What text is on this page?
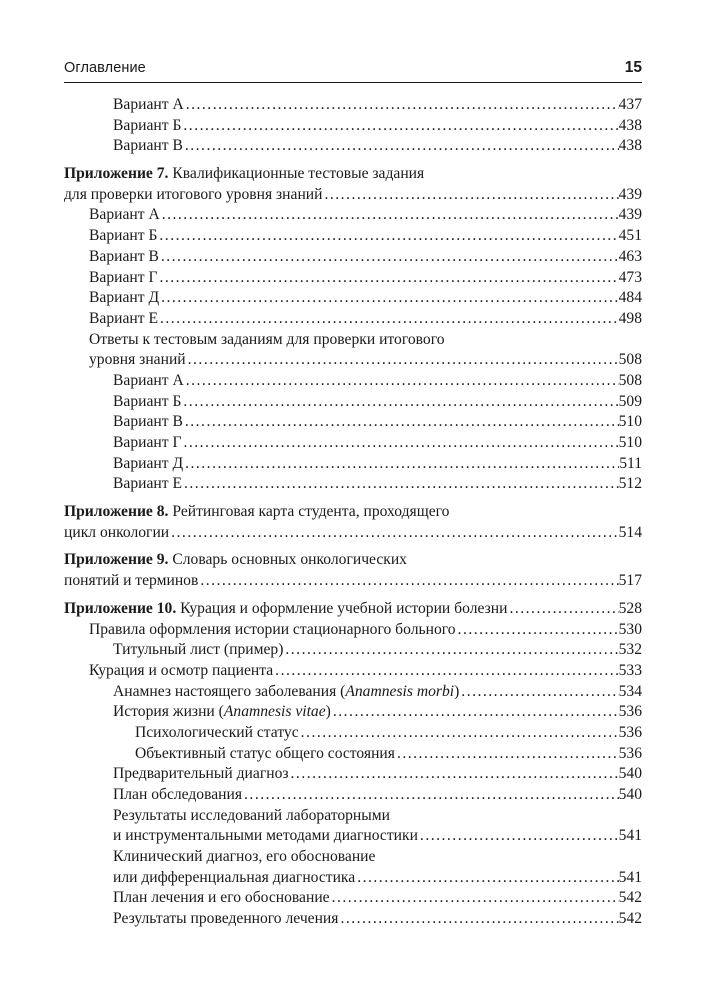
Оглавление	15
Вариант А . . .	437
Вариант Б . . .	438
Вариант В . . .	438
Приложение 7. Квалификационные тестовые задания
для проверки итогового уровня знаний . . .	439
Вариант А . . .	439
Вариант Б . . .	451
Вариант В . . .	463
Вариант Г . . .	473
Вариант Д . . .	484
Вариант Е . . .	498
Ответы к тестовым заданиям для проверки итогового
уровня знаний . . .	508
Вариант А . . .	508
Вариант Б . . .	509
Вариант В . . .	510
Вариант Г . . .	510
Вариант Д . . .	511
Вариант Е . . .	512
Приложение 8. Рейтинговая карта студента, проходящего
цикл онкологии . . .	514
Приложение 9. Словарь основных онкологических
понятий и терминов . . .	517
Приложение 10. Курация и оформление учебной истории болезни . . .	528
Правила оформления истории стационарного больного . . .	530
Титульный лист (пример) . . .	532
Курация и осмотр пациента . . .	533
Анамнез настоящего заболевания (Anamnesis morbi) . . .	534
История жизни (Anamnesis vitae) . . .	536
Психологический статус . . .	536
Объективный статус общего состояния . . .	536
Предварительный диагноз . . .	540
План обследования . . .	540
Результаты исследований лабораторными
и инструментальными методами диагностики . . .	541
Клинический диагноз, его обоснование
или дифференциальная диагностика . . .	541
План лечения и его обоснование . . .	542
Результаты проведенного лечения . . .	542
